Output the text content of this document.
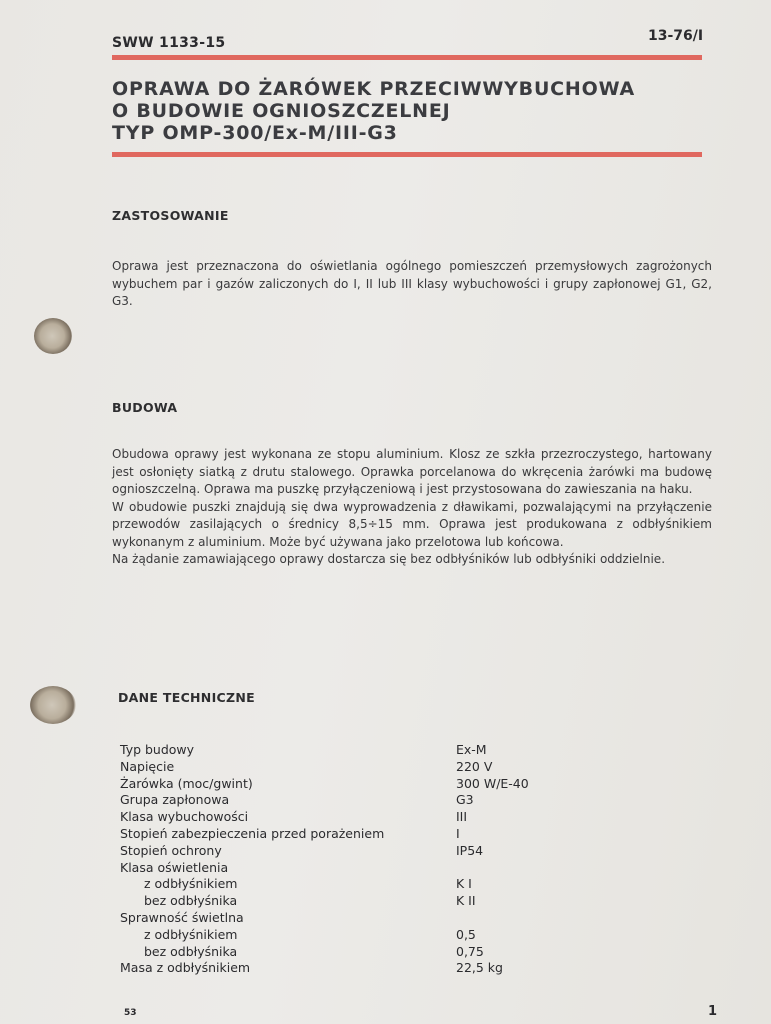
SWW 1133-15	13-76/I
OPRAWA DO ŻARÓWEK PRZECIWWYBUCHOWA
O BUDOWIE OGNIOSZCZELNEJ
TYP OMP-300/Ex-M/III-G3
ZASTOSOWANIE

Oprawa jest przeznaczona do oświetlania ogólnego pomieszczeń przemysłowych zagrożonych wybuchem par i gazów zaliczonych do I, II lub III klasy wybuchowości i grupy zapłonowej G1, G2, G3.

BUDOWA

Obudowa oprawy jest wykonana ze stopu aluminium. Klosz ze szkła przezroczystego, hartowany jest osłonięty siatką z drutu stalowego. Oprawka porcelanowa do wkręcenia żarówki ma budowę ognioszczelną. Oprawa ma puszkę przyłączeniową i jest przystosowana do zawieszania na haku.

W obudowie puszki znajdują się dwa wyprowadzenia z dławikami, pozwalającymi na przyłączenie przewodów zasilających o średnicy 8,5÷15 mm. Oprawa jest produkowana z odbłyśnikiem wykonanym z aluminium. Może być używana jako przelotowa lub końcowa.

Na żądanie zamawiającego oprawy dostarcza się bez odbłyśników lub odbłyśniki oddzielnie.

DANE TECHNICZNE
Typ budowy	Ex-M
Napięcie	220 V
Żarówka (moc/gwint)	300 W/E-40
Grupa zapłonowa	G3
Klasa wybuchowości	III
Stopień zabezpieczenia przed porażeniem	I
Stopień ochrony	IP54
Klasa oświetlenia
z odbłyśnikiem	K I
bez odbłyśnika	K II
Sprawność świetlna
z odbłyśnikiem	0,5
bez odbłyśnika	0,75
Masa z odbłyśnikiem	22,5 kg
53	1
